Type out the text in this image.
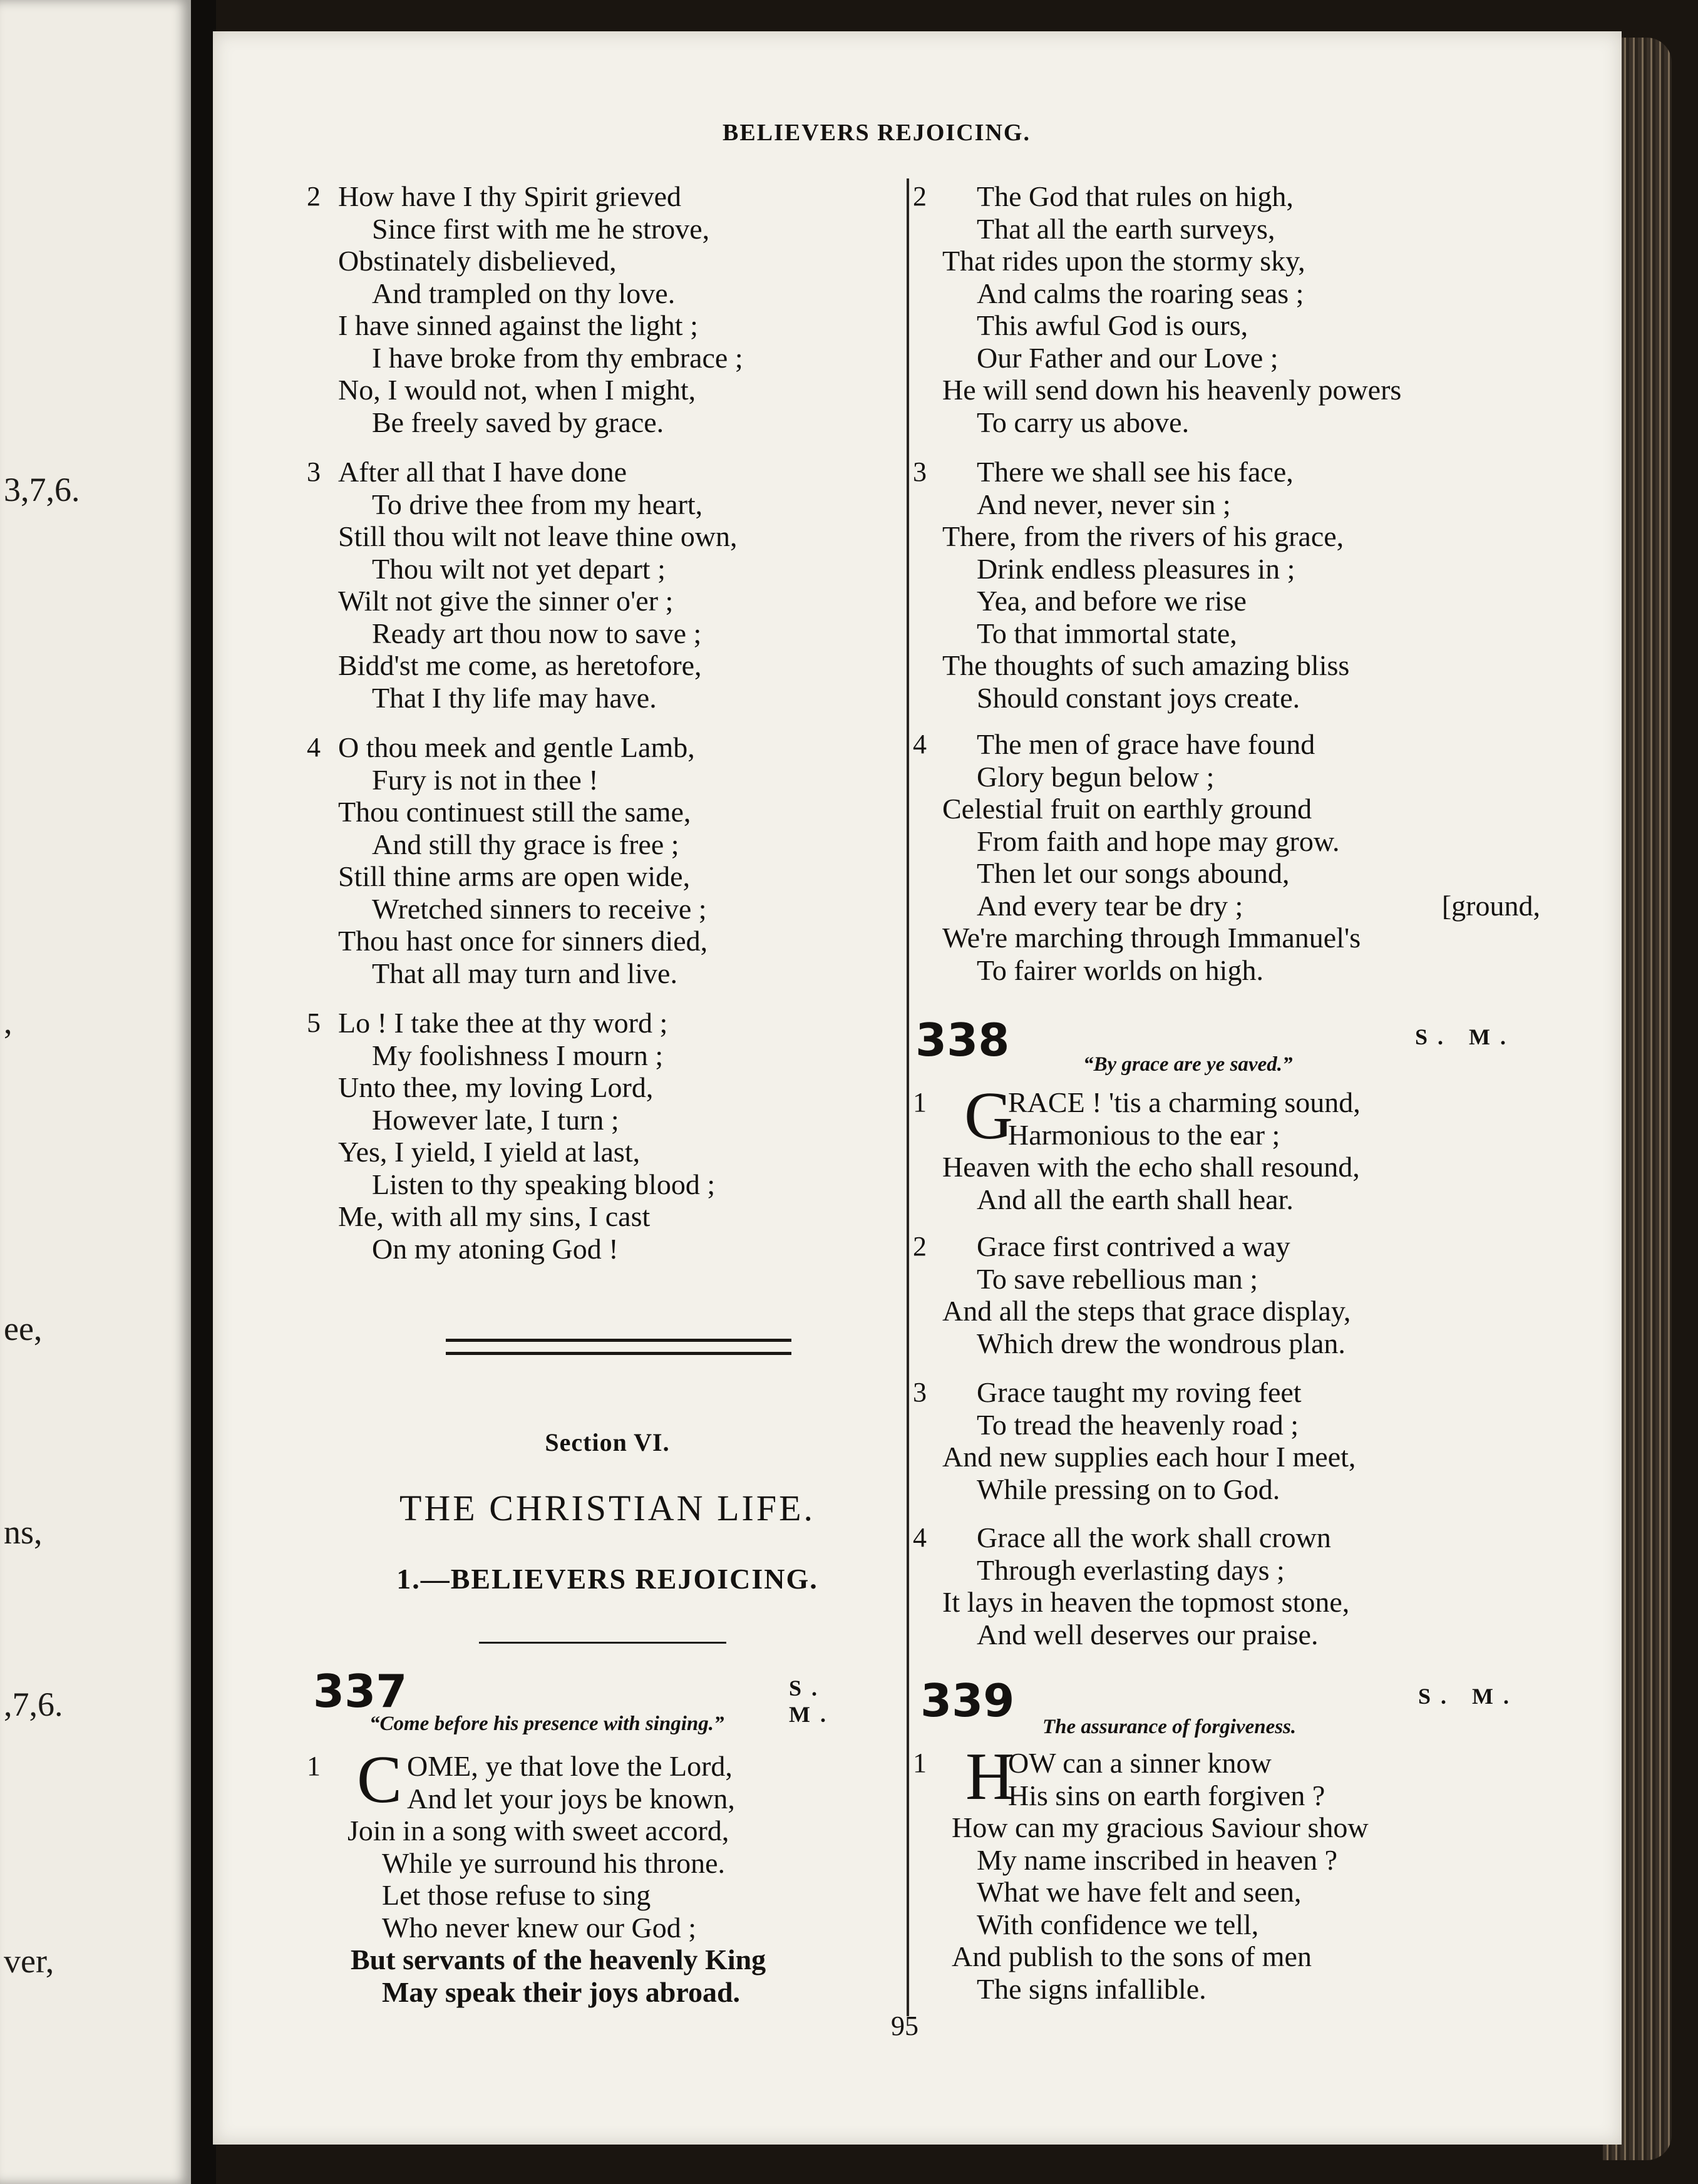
3,7,6.
,
ee,
ns,
,7,6.
ver,
BELIEVERS REJOICING.
2 How have I thy Spirit grieved
Since first with me he strove,
Obstinately disbelieved,
And trampled on thy love.
I have sinned against the light ;
I have broke from thy embrace ;
No, I would not, when I might,
Be freely saved by grace.
3 After all that I have done
To drive thee from my heart,
Still thou wilt not leave thine own,
Thou wilt not yet depart ;
Wilt not give the sinner o'er ;
Ready art thou now to save ;
Bidd'st me come, as heretofore,
That I thy life may have.
4 O thou meek and gentle Lamb,
Fury is not in thee !
Thou continuest still the same,
And still thy grace is free ;
Still thine arms are open wide,
Wretched sinners to receive ;
Thou hast once for sinners died,
That all may turn and live.
5 Lo ! I take thee at thy word ;
My foolishness I mourn ;
Unto thee, my loving Lord,
However late, I turn ;
Yes, I yield, I yield at last,
Listen to thy speaking blood ;
Me, with all my sins, I cast
On my atoning God !
337	S. M.
“Come before his presence with singing.”
1 C OME, ye that love the Lord,
And let your joys be known,
Join in a song with sweet accord,
While ye surround his throne.
Let those refuse to sing
Who never knew our God ;
But servants of the heavenly King
May speak their joys abroad.
Section VI.
THE CHRISTIAN LIFE.
1.—BELIEVERS REJOICING.
2	The God that rules on high,
That all the earth surveys,
That rides upon the stormy sky,
And calms the roaring seas ;
This awful God is ours,
Our Father and our Love ;
He will send down his heavenly powers
To carry us above.
3	There we shall see his face,
And never, never sin ;
There, from the rivers of his grace,
Drink endless pleasures in ;
Yea, and before we rise
To that immortal state,
The thoughts of such amazing bliss
Should constant joys create.
4	The men of grace have found
Glory begun below ;
Celestial fruit on earthly ground
From faith and hope may grow.
Then let our songs abound,
And every tear be dry ;	[ground,
We're marching through Immanuel's
To fairer worlds on high.
338	S. M.
“By grace are ye saved.”
1 G
RACE ! 'tis a charming sound,
Harmonious to the ear ;
Heaven with the echo shall resound,
And all the earth shall hear.
2	Grace first contrived a way
To save rebellious man ;
And all the steps that grace display,
Which drew the wondrous plan.
3	Grace taught my roving feet
To tread the heavenly road ;
And new supplies each hour I meet,
While pressing on to God.
4	Grace all the work shall crown
Through everlasting days ;
It lays in heaven the topmost stone,
And well deserves our praise.
339	S. M.
The assurance of forgiveness.
1 H
OW can a sinner know
His sins on earth forgiven ?
How can my gracious Saviour show
My name inscribed in heaven ?
What we have felt and seen,
With confidence we tell,
And publish to the sons of men
The signs infallible.
95
